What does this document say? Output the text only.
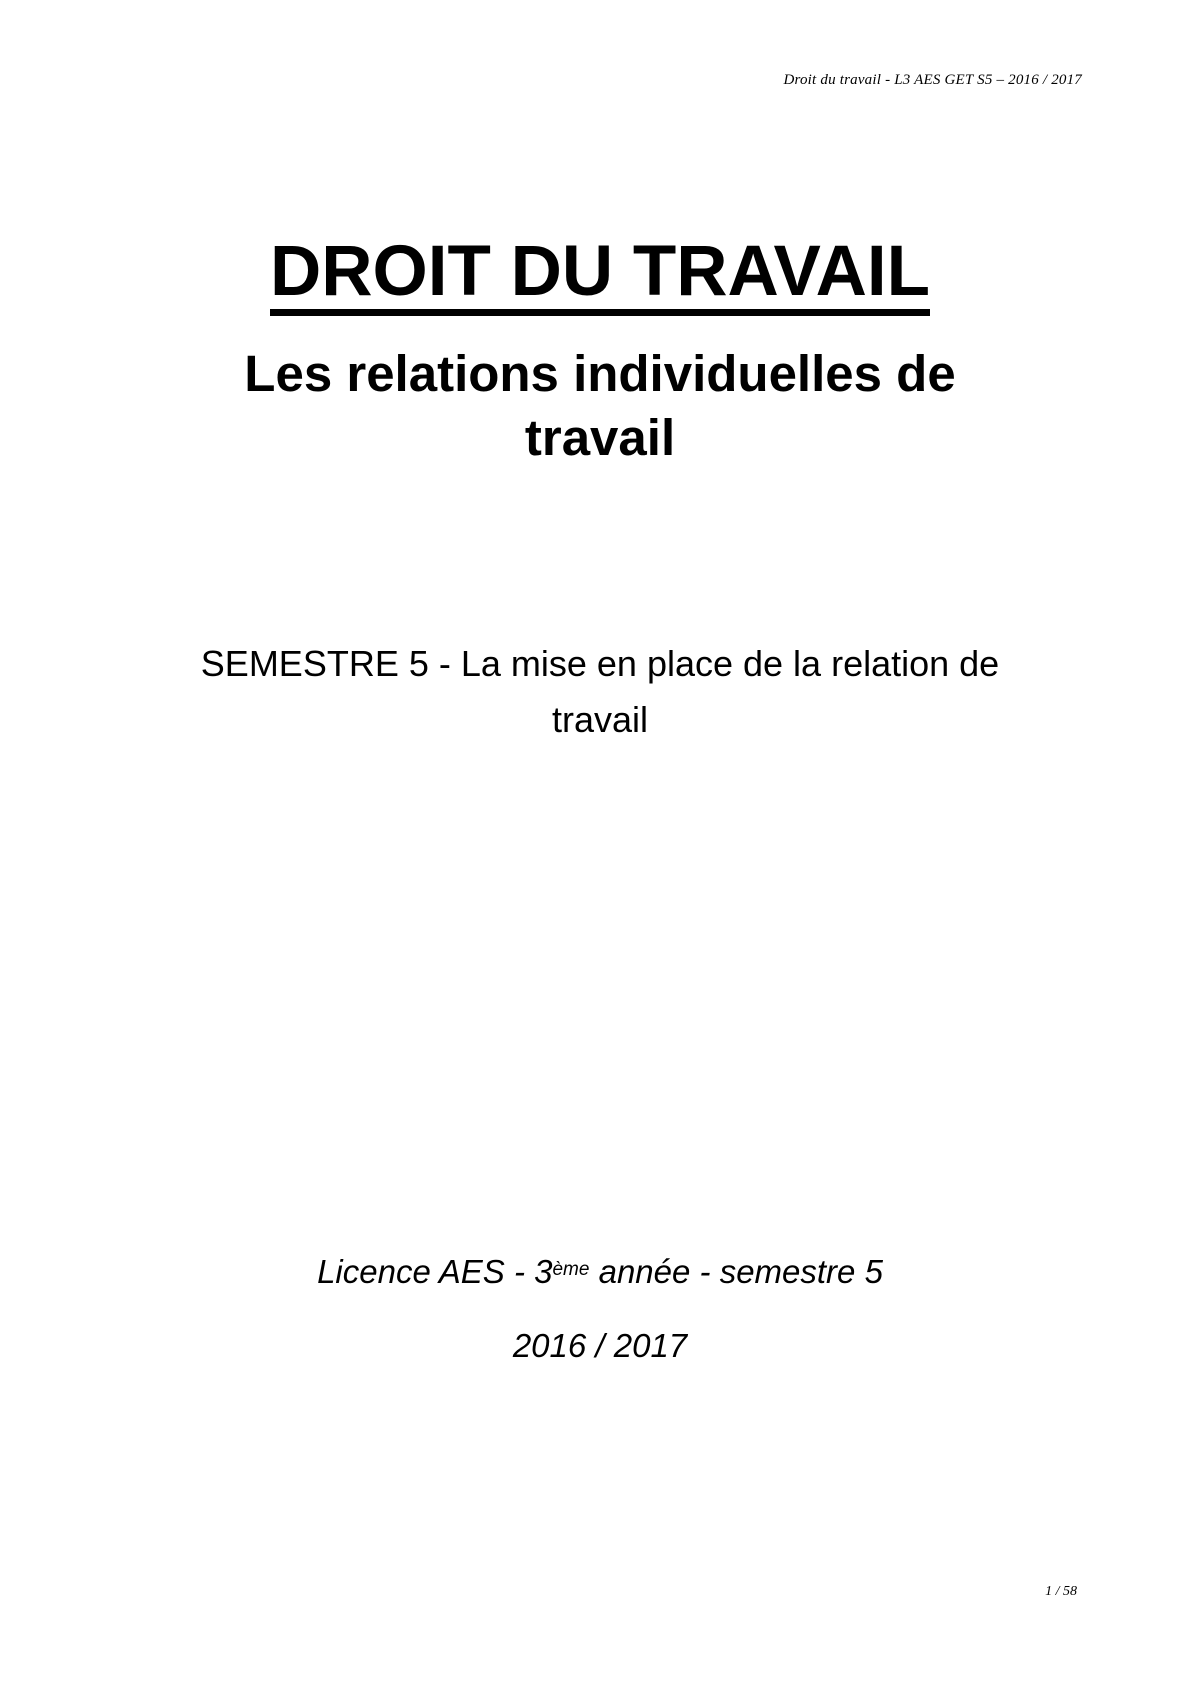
Droit du travail - L3 AES GET S5 – 2016 / 2017
DROIT DU TRAVAIL
Les relations individuelles de
travail
SEMESTRE 5 - La mise en place de la relation de
travail
Licence AES - 3ème année - semestre 5
2016 / 2017
1 / 58
